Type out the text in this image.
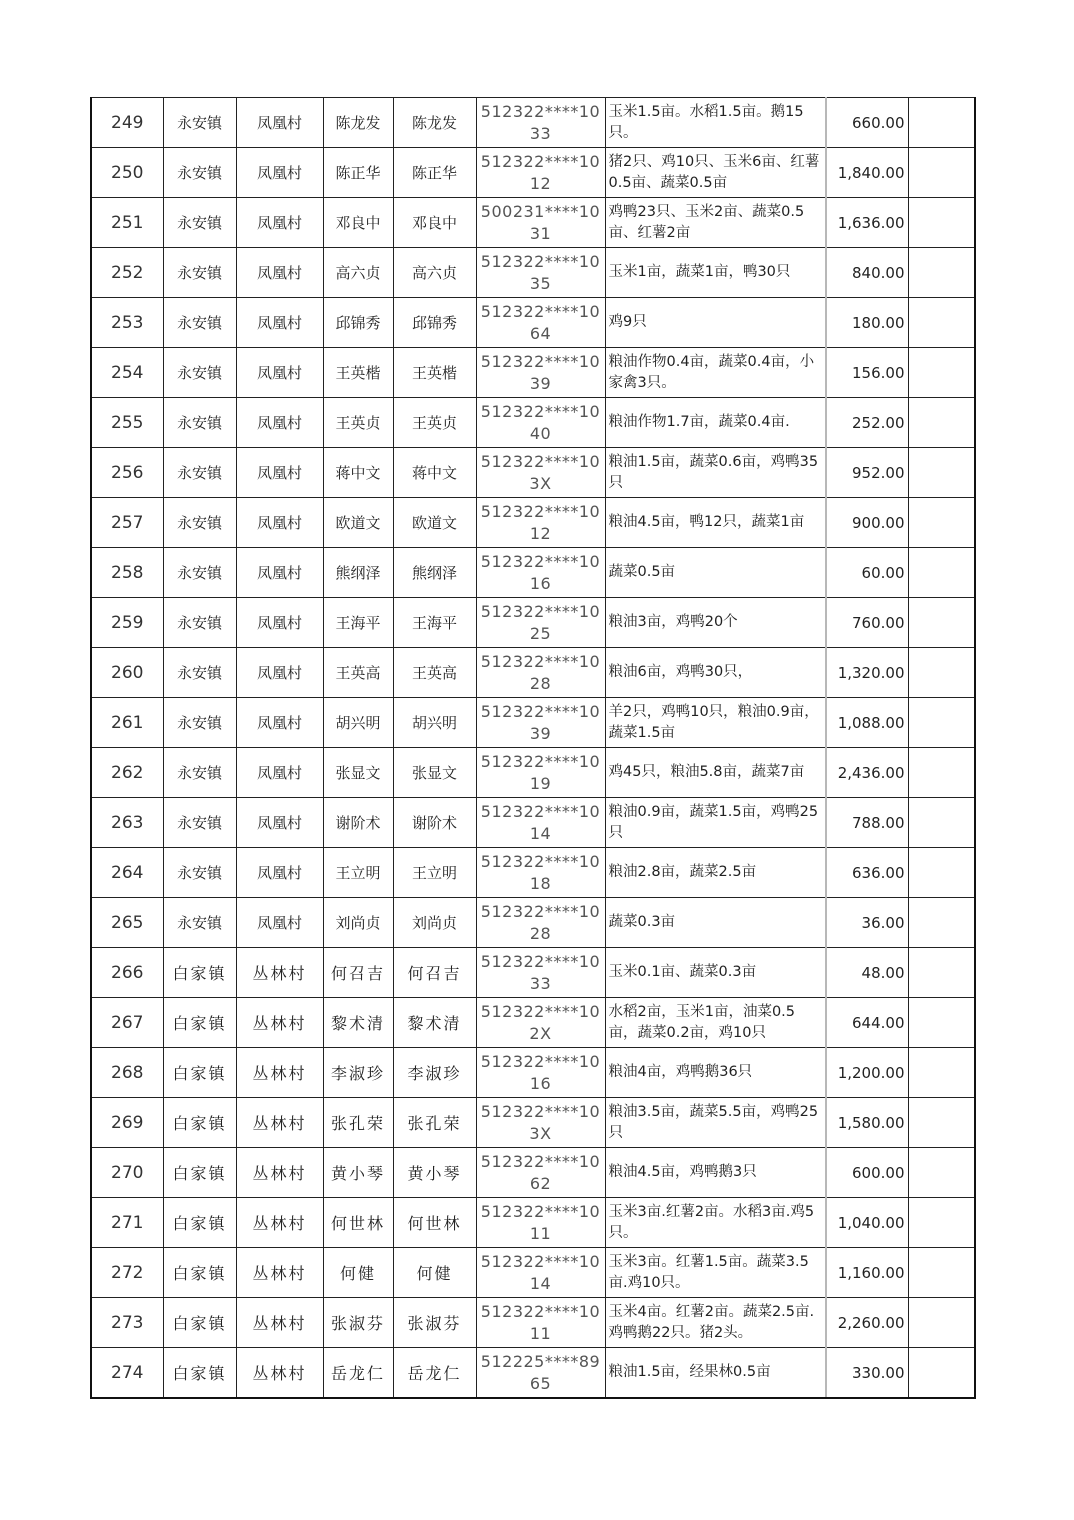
249	永安镇	凤凰村	陈龙发	陈龙发	512322****1033	玉米1.5亩。水稻1.5亩。鹅15只。	660.00	
250	永安镇	凤凰村	陈正华	陈正华	512322****1012	猪2只、鸡10只、玉米6亩、红薯0.5亩、蔬菜0.5亩	1,840.00	
251	永安镇	凤凰村	邓良中	邓良中	500231****1031	鸡鸭23只、玉米2亩、蔬菜0.5亩、红薯2亩	1,636.00	
252	永安镇	凤凰村	高六贞	高六贞	512322****1035	玉米1亩，蔬菜1亩，鸭30只	840.00	
253	永安镇	凤凰村	邱锦秀	邱锦秀	512322****1064	鸡9只	180.00	
254	永安镇	凤凰村	王英楷	王英楷	512322****1039	粮油作物0.4亩，蔬菜0.4亩，小家禽3只。	156.00	
255	永安镇	凤凰村	王英贞	王英贞	512322****1040	粮油作物1.7亩，蔬菜0.4亩.	252.00	
256	永安镇	凤凰村	蒋中文	蒋中文	512322****103X	粮油1.5亩，蔬菜0.6亩，鸡鸭35只	952.00	
257	永安镇	凤凰村	欧道文	欧道文	512322****1012	粮油4.5亩，鸭12只，蔬菜1亩	900.00	
258	永安镇	凤凰村	熊纲泽	熊纲泽	512322****1016	蔬菜0.5亩	60.00	
259	永安镇	凤凰村	王海平	王海平	512322****1025	粮油3亩，鸡鸭20个	760.00	
260	永安镇	凤凰村	王英高	王英高	512322****1028	粮油6亩，鸡鸭30只，	1,320.00	
261	永安镇	凤凰村	胡兴明	胡兴明	512322****1039	羊2只，鸡鸭10只，粮油0.9亩，蔬菜1.5亩	1,088.00	
262	永安镇	凤凰村	张显文	张显文	512322****1019	鸡45只，粮油5.8亩，蔬菜7亩	2,436.00	
263	永安镇	凤凰村	谢阶术	谢阶术	512322****1014	粮油0.9亩，蔬菜1.5亩，鸡鸭25只	788.00	
264	永安镇	凤凰村	王立明	王立明	512322****1018	粮油2.8亩，蔬菜2.5亩	636.00	
265	永安镇	凤凰村	刘尚贞	刘尚贞	512322****1028	蔬菜0.3亩	36.00	
266	白家镇	丛林村	何召吉	何召吉	512322****1033	玉米0.1亩、蔬菜0.3亩	48.00	
267	白家镇	丛林村	黎术清	黎术清	512322****102X	水稻2亩，玉米1亩，油菜0.5亩，蔬菜0.2亩，鸡10只	644.00	
268	白家镇	丛林村	李淑珍	李淑珍	512322****1016	粮油4亩，鸡鸭鹅36只	1,200.00	
269	白家镇	丛林村	张孔荣	张孔荣	512322****103X	粮油3.5亩，蔬菜5.5亩，鸡鸭25只	1,580.00	
270	白家镇	丛林村	黄小琴	黄小琴	512322****1062	粮油4.5亩，鸡鸭鹅3只	600.00	
271	白家镇	丛林村	何世林	何世林	512322****1011	玉米3亩.红薯2亩。水稻3亩.鸡5只。	1,040.00	
272	白家镇	丛林村	何健	何健	512322****1014	玉米3亩。红薯1.5亩。蔬菜3.5亩.鸡10只。	1,160.00	
273	白家镇	丛林村	张淑芬	张淑芬	512322****1011	玉米4亩。红薯2亩。蔬菜2.5亩.鸡鸭鹅22只。猪2头。	2,260.00	
274	白家镇	丛林村	岳龙仁	岳龙仁	512225****8965	粮油1.5亩，经果林0.5亩	330.00	
